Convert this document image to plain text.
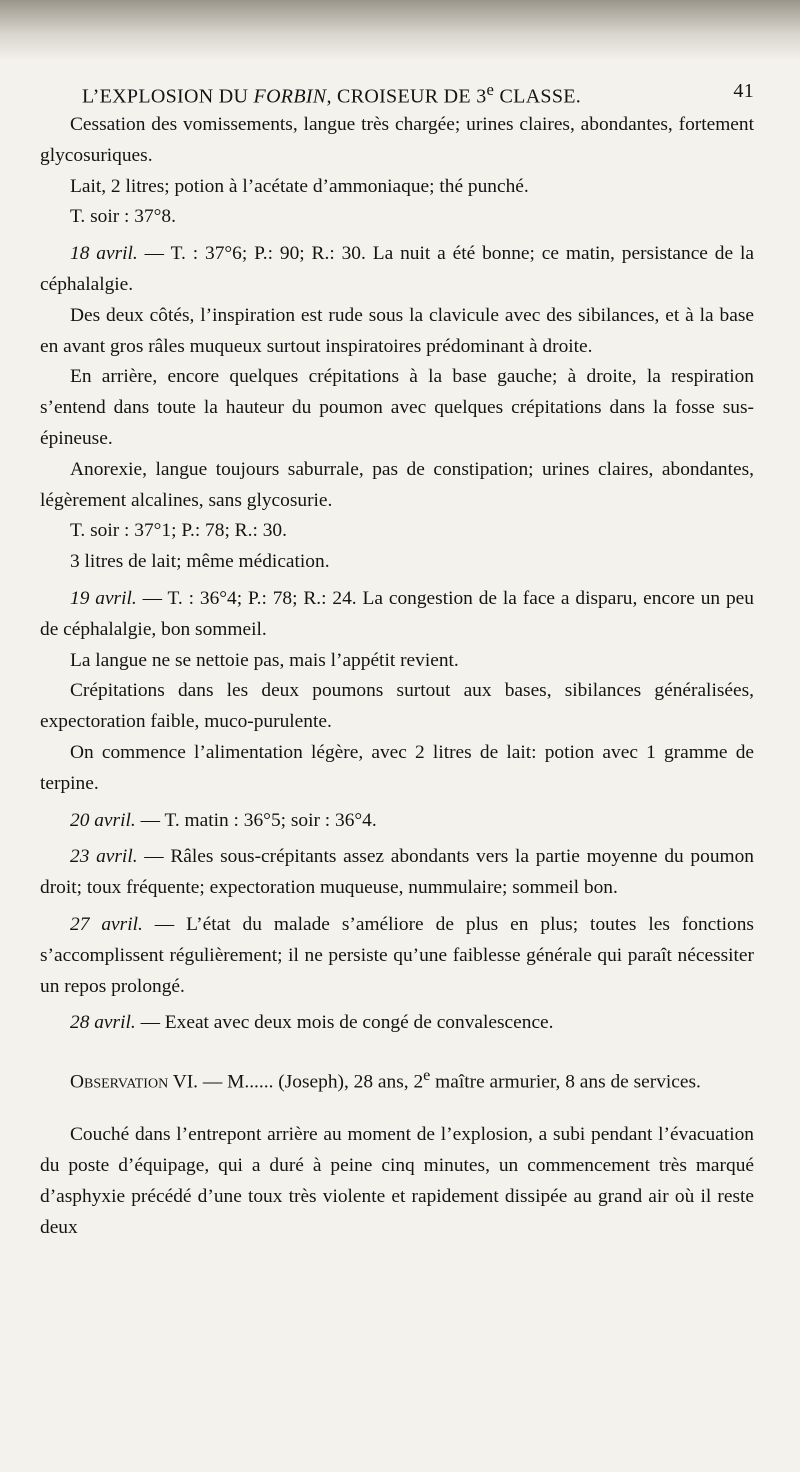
L’EXPLOSION DU FORBIN, CROISEUR DE 3e CLASSE.	41

Cessation des vomissements, langue très chargée; urines claires, abondantes, fortement glycosuriques.

Lait, 2 litres; potion à l’acétate d’ammoniaque; thé punché.

T. soir : 37°8.

18 avril. — T. : 37°6; P.: 90; R.: 30. La nuit a été bonne; ce matin, persistance de la céphalalgie.

Des deux côtés, l’inspiration est rude sous la clavicule avec des sibilances, et à la base en avant gros râles muqueux surtout inspiratoires prédominant à droite.

En arrière, encore quelques crépitations à la base gauche; à droite, la respiration s’entend dans toute la hauteur du poumon avec quelques crépitations dans la fosse sus-épineuse.

Anorexie, langue toujours saburrale, pas de constipation; urines claires, abondantes, légèrement alcalines, sans glycosurie.

T. soir : 37°1; P.: 78; R.: 30.

3 litres de lait; même médication.

19 avril. — T. : 36°4; P.: 78; R.: 24. La congestion de la face a disparu, encore un peu de céphalalgie, bon sommeil.

La langue ne se nettoie pas, mais l’appétit revient.

Crépitations dans les deux poumons surtout aux bases, sibilances généralisées, expectoration faible, muco-purulente.

On commence l’alimentation légère, avec 2 litres de lait: potion avec 1 gramme de terpine.

20 avril. — T. matin : 36°5; soir : 36°4.

23 avril. — Râles sous-crépitants assez abondants vers la partie moyenne du poumon droit; toux fréquente; expectoration muqueuse, nummulaire; sommeil bon.

27 avril. — L’état du malade s’améliore de plus en plus; toutes les fonctions s’accomplissent régulièrement; il ne persiste qu’une faiblesse générale qui paraît nécessiter un repos prolongé.

28 avril. — Exeat avec deux mois de congé de convalescence.

Observation VI. — M...... (Joseph), 28 ans, 2e maître armurier, 8 ans de services.

Couché dans l’entrepont arrière au moment de l’explosion, a subi pendant l’évacuation du poste d’équipage, qui a duré à peine cinq minutes, un commencement très marqué d’asphyxie précédé d’une toux très violente et rapidement dissipée au grand air où il reste deux
